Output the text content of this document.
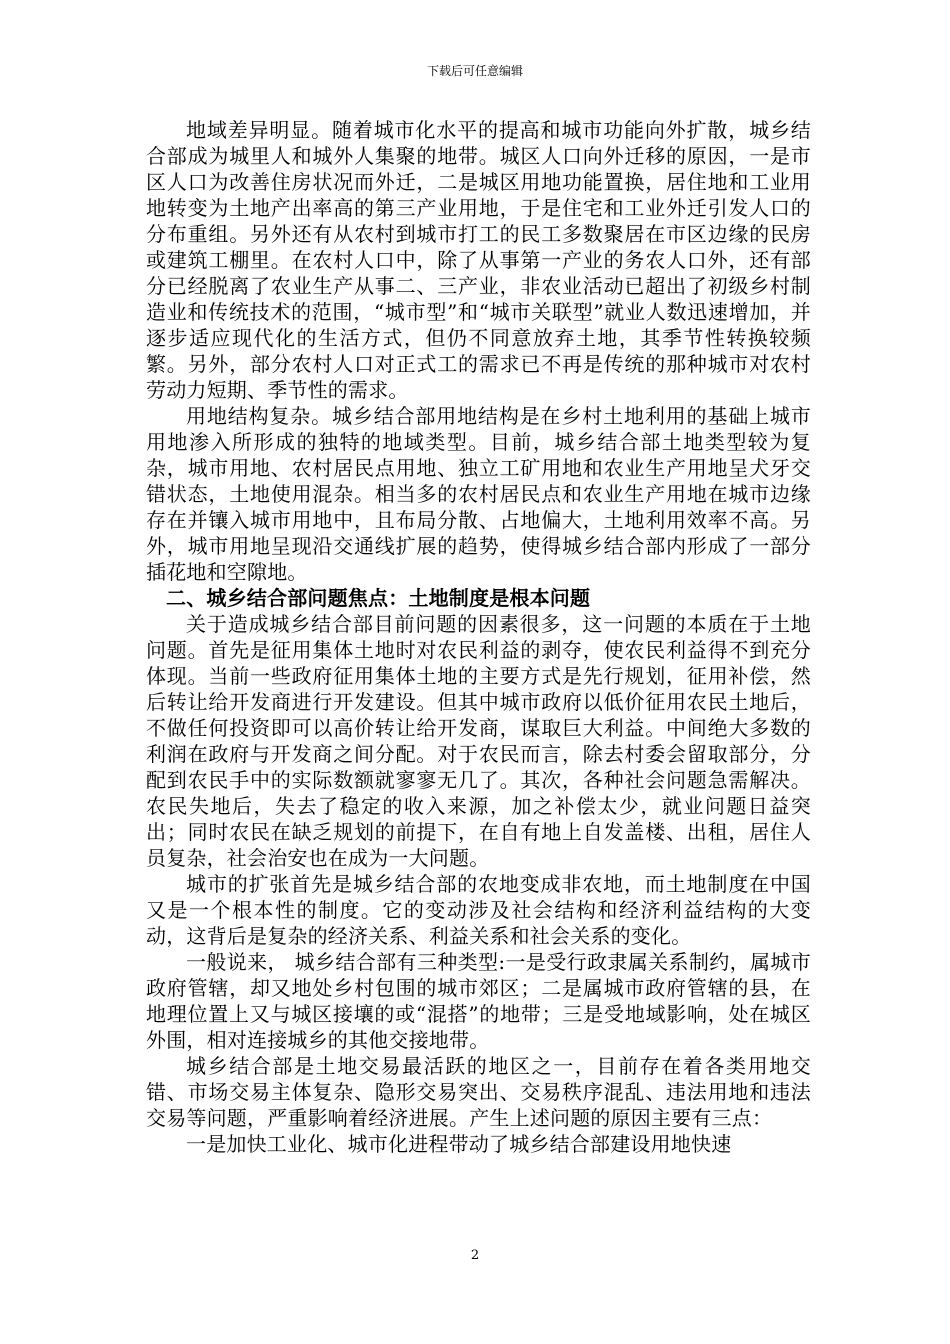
下载后可任意编辑

地域差异明显。随着城市化水平的提高和城市功能向外扩散，城乡结合部成为城里人和城外人集聚的地带。城区人口向外迁移的原因，一是市区人口为改善住房状况而外迁，二是城区用地功能置换，居住地和工业用地转变为土地产出率高的第三产业用地，于是住宅和工业外迁引发人口的分布重组。另外还有从农村到城市打工的民工多数聚居在市区边缘的民房或建筑工棚里。在农村人口中，除了从事第一产业的务农人口外，还有部分已经脱离了农业生产从事二、三产业，非农业活动已超出了初级乡村制造业和传统技术的范围，“城市型”和“城市关联型”就业人数迅速增加，并逐步适应现代化的生活方式，但仍不同意放弃土地，其季节性转换较频繁。另外，部分农村人口对正式工的需求已不再是传统的那种城市对农村劳动力短期、季节性的需求。

用地结构复杂。城乡结合部用地结构是在乡村土地利用的基础上城市用地渗入所形成的独特的地域类型。目前，城乡结合部土地类型较为复杂，城市用地、农村居民点用地、独立工矿用地和农业生产用地呈犬牙交错状态，土地使用混杂。相当多的农村居民点和农业生产用地在城市边缘存在并镶入城市用地中，且布局分散、占地偏大，土地利用效率不高。另外，城市用地呈现沿交通线扩展的趋势，使得城乡结合部内形成了一部分插花地和空隙地。

二、城乡结合部问题焦点：土地制度是根本问题

关于造成城乡结合部目前问题的因素很多，这一问题的本质在于土地问题。首先是征用集体土地时对农民利益的剥夺，使农民利益得不到充分体现。当前一些政府征用集体土地的主要方式是先行规划，征用补偿，然后转让给开发商进行开发建设。但其中城市政府以低价征用农民土地后，不做任何投资即可以高价转让给开发商，谋取巨大利益。中间绝大多数的利润在政府与开发商之间分配。对于农民而言，除去村委会留取部分，分配到农民手中的实际数额就寥寥无几了。其次，各种社会问题急需解决。农民失地后，失去了稳定的收入来源，加之补偿太少，就业问题日益突出；同时农民在缺乏规划的前提下，在自有地上自发盖楼、出租，居住人员复杂，社会治安也在成为一大问题。

城市的扩张首先是城乡结合部的农地变成非农地，而土地制度在中国又是一个根本性的制度。它的变动涉及社会结构和经济利益结构的大变动，这背后是复杂的经济关系、利益关系和社会关系的变化。

一般说来， 城乡结合部有三种类型:一是受行政隶属关系制约，属城市政府管辖，却又地处乡村包围的城市郊区；二是属城市政府管辖的县，在地理位置上又与城区接壤的或“混搭”的地带；三是受地域影响，处在城区外围，相对连接城乡的其他交接地带。

城乡结合部是土地交易最活跃的地区之一，目前存在着各类用地交错、市场交易主体复杂、隐形交易突出、交易秩序混乱、违法用地和违法交易等问题，严重影响着经济进展。产生上述问题的原因主要有三点：

一是加快工业化、城市化进程带动了城乡结合部建设用地快速

2
